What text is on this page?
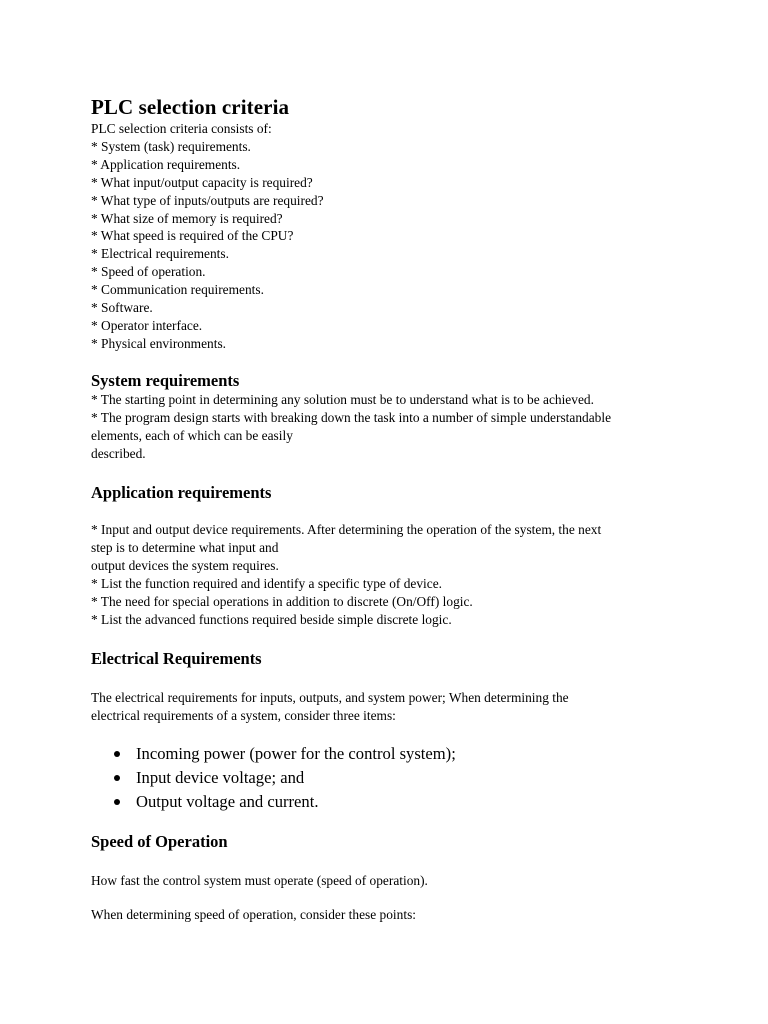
PLC selection criteria

PLC selection criteria consists of:

* System (task) requirements.

* Application requirements.

* What input/output capacity is required?

* What type of inputs/outputs are required?

* What size of memory is required?

* What speed is required of the CPU?

* Electrical requirements.

* Speed of operation.

* Communication requirements.

* Software.

* Operator interface.

* Physical environments.

System requirements

* The starting point in determining any solution must be to understand what is to be achieved.

* The program design starts with breaking down the task into a number of simple understandable

elements, each of which can be easily

described.

Application requirements

* Input and output device requirements. After determining the operation of the system, the next

step is to determine what input and

output devices the system requires.

* List the function required and identify a specific type of device.

* The need for special operations in addition to discrete (On/Off) logic.

* List the advanced functions required beside simple discrete logic.

Electrical Requirements

The electrical requirements for inputs, outputs, and system power; When determining the

electrical requirements of a system, consider three items:

Incoming power (power for the control system);
Input device voltage; and
Output voltage and current.
Speed of Operation

How fast the control system must operate (speed of operation).

When determining speed of operation, consider these points:
